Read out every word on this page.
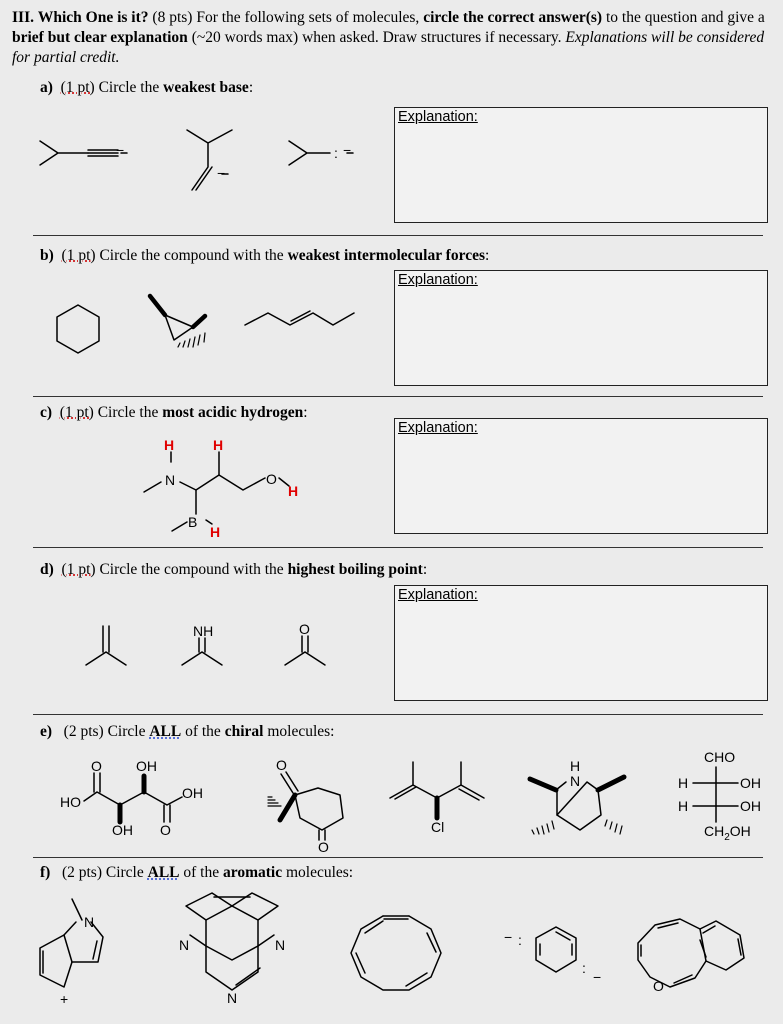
III. Which One is it? (8 pts) For the following sets of molecules, circle the correct answer(s) to the question and give a brief but clear explanation (~20 words max) when asked. Draw structures if necessary. Explanations will be considered for partial credit.
a) (1 pt) Circle the weakest base:
b) (1 pt) Circle the compound with the weakest intermolecular forces:
c) (1 pt) Circle the most acidic hydrogen:
d) (1 pt) Circle the compound with the highest boiling point:
e) (2 pts) Circle ALL of the chiral molecules:
f) (2 pts) Circle ALL of the aromatic molecules:
Explanation:
Explanation:
Explanation:
Explanation:
−
−
: −
H	H
N	O
H
B
H
NH	O
O OH
OH
HO
OH O
O
O
Cl
H
N
CHO
H	OH
H	OH
$CH_2OH$
N
+
N	N
N
− :
:
−
O
